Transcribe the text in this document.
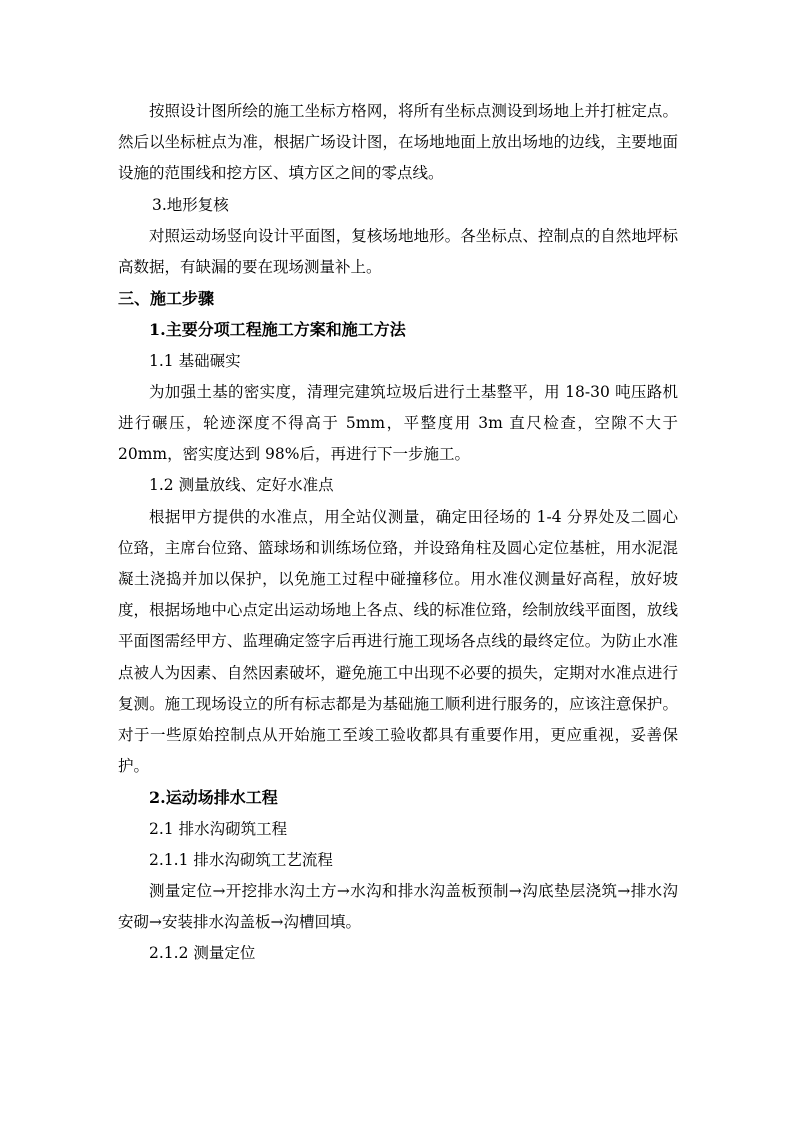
按照设计图所绘的施工坐标方格网，将所有坐标点测设到场地上并打桩定点。然后以坐标桩点为准，根据广场设计图，在场地地面上放出场地的边线，主要地面设施的范围线和挖方区、填方区之间的零点线。

3.地形复核

对照运动场竖向设计平面图，复核场地地形。各坐标点、控制点的自然地坪标高数据，有缺漏的要在现场测量补上。

三、施工步骤

1.主要分项工程施工方案和施工方法

1.1 基础碾实

为加强土基的密实度，清理完建筑垃圾后进行土基整平，用 18-30 吨压路机进行碾压，轮迹深度不得高于 5mm，平整度用 3m 直尺检查，空隙不大于 20mm，密实度达到 98%后，再进行下一步施工。

1.2 测量放线、定好水准点

根据甲方提供的水准点，用全站仪测量，确定田径场的 1-4 分界处及二圆心位臵，主席台位臵、篮球场和训练场位臵，并设臵角柱及圆心定位基桩，用水泥混凝土浇捣并加以保护，以免施工过程中碰撞移位。用水准仪测量好高程，放好坡度，根据场地中心点定出运动场地上各点、线的标准位臵，绘制放线平面图，放线平面图需经甲方、监理确定签字后再进行施工现场各点线的最终定位。为防止水准点被人为因素、自然因素破坏，避免施工中出现不必要的损失，定期对水准点进行复测。施工现场设立的所有标志都是为基础施工顺利进行服务的，应该注意保护。对于一些原始控制点从开始施工至竣工验收都具有重要作用，更应重视，妥善保护。

2.运动场排水工程

2.1 排水沟砌筑工程

2.1.1 排水沟砌筑工艺流程

测量定位→开挖排水沟土方→水沟和排水沟盖板预制→沟底垫层浇筑→排水沟安砌→安装排水沟盖板→沟槽回填。

2.1.2 测量定位
